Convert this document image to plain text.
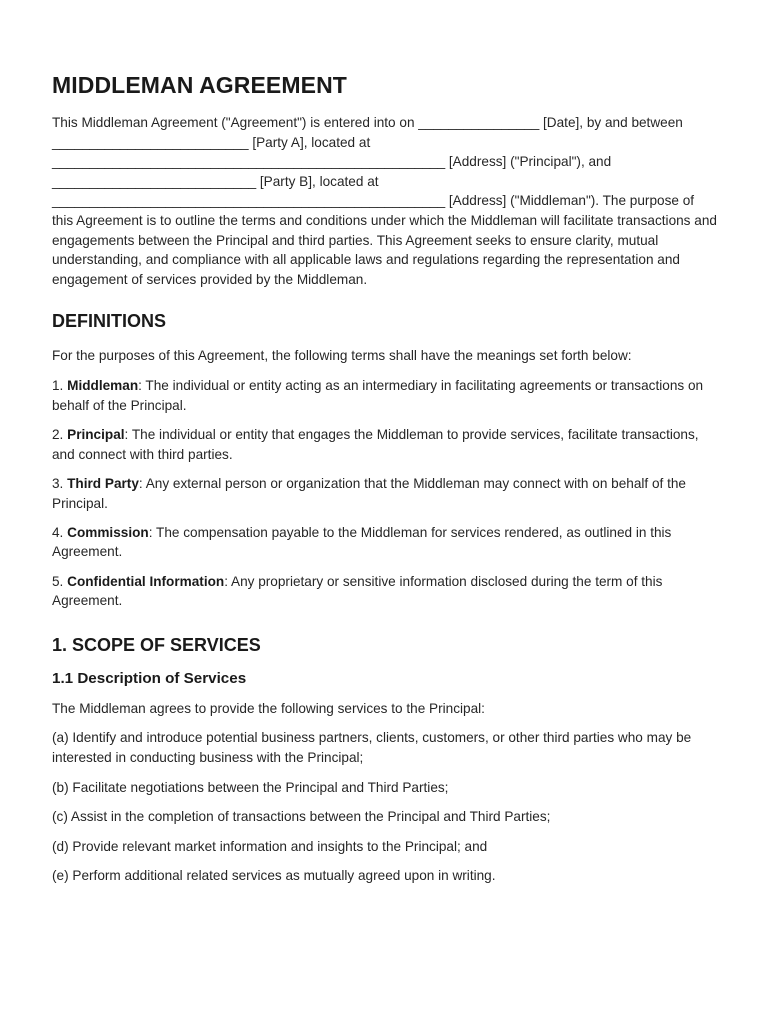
MIDDLEMAN AGREEMENT

This Middleman Agreement ("Agreement") is entered into on ________________ [Date], by and between __________________________ [Party A], located at ____________________________________________________ [Address] ("Principal"), and ___________________________ [Party B], located at ____________________________________________________ [Address] ("Middleman"). The purpose of this Agreement is to outline the terms and conditions under which the Middleman will facilitate transactions and engagements between the Principal and third parties. This Agreement seeks to ensure clarity, mutual understanding, and compliance with all applicable laws and regulations regarding the representation and engagement of services provided by the Middleman.

DEFINITIONS

For the purposes of this Agreement, the following terms shall have the meanings set forth below:

1. Middleman: The individual or entity acting as an intermediary in facilitating agreements or transactions on behalf of the Principal.

2. Principal: The individual or entity that engages the Middleman to provide services, facilitate transactions, and connect with third parties.

3. Third Party: Any external person or organization that the Middleman may connect with on behalf of the Principal.

4. Commission: The compensation payable to the Middleman for services rendered, as outlined in this Agreement.

5. Confidential Information: Any proprietary or sensitive information disclosed during the term of this Agreement.

1. SCOPE OF SERVICES
1.1 Description of Services

The Middleman agrees to provide the following services to the Principal:

(a) Identify and introduce potential business partners, clients, customers, or other third parties who may be interested in conducting business with the Principal;

(b) Facilitate negotiations between the Principal and Third Parties;

(c) Assist in the completion of transactions between the Principal and Third Parties;

(d) Provide relevant market information and insights to the Principal; and

(e) Perform additional related services as mutually agreed upon in writing.
